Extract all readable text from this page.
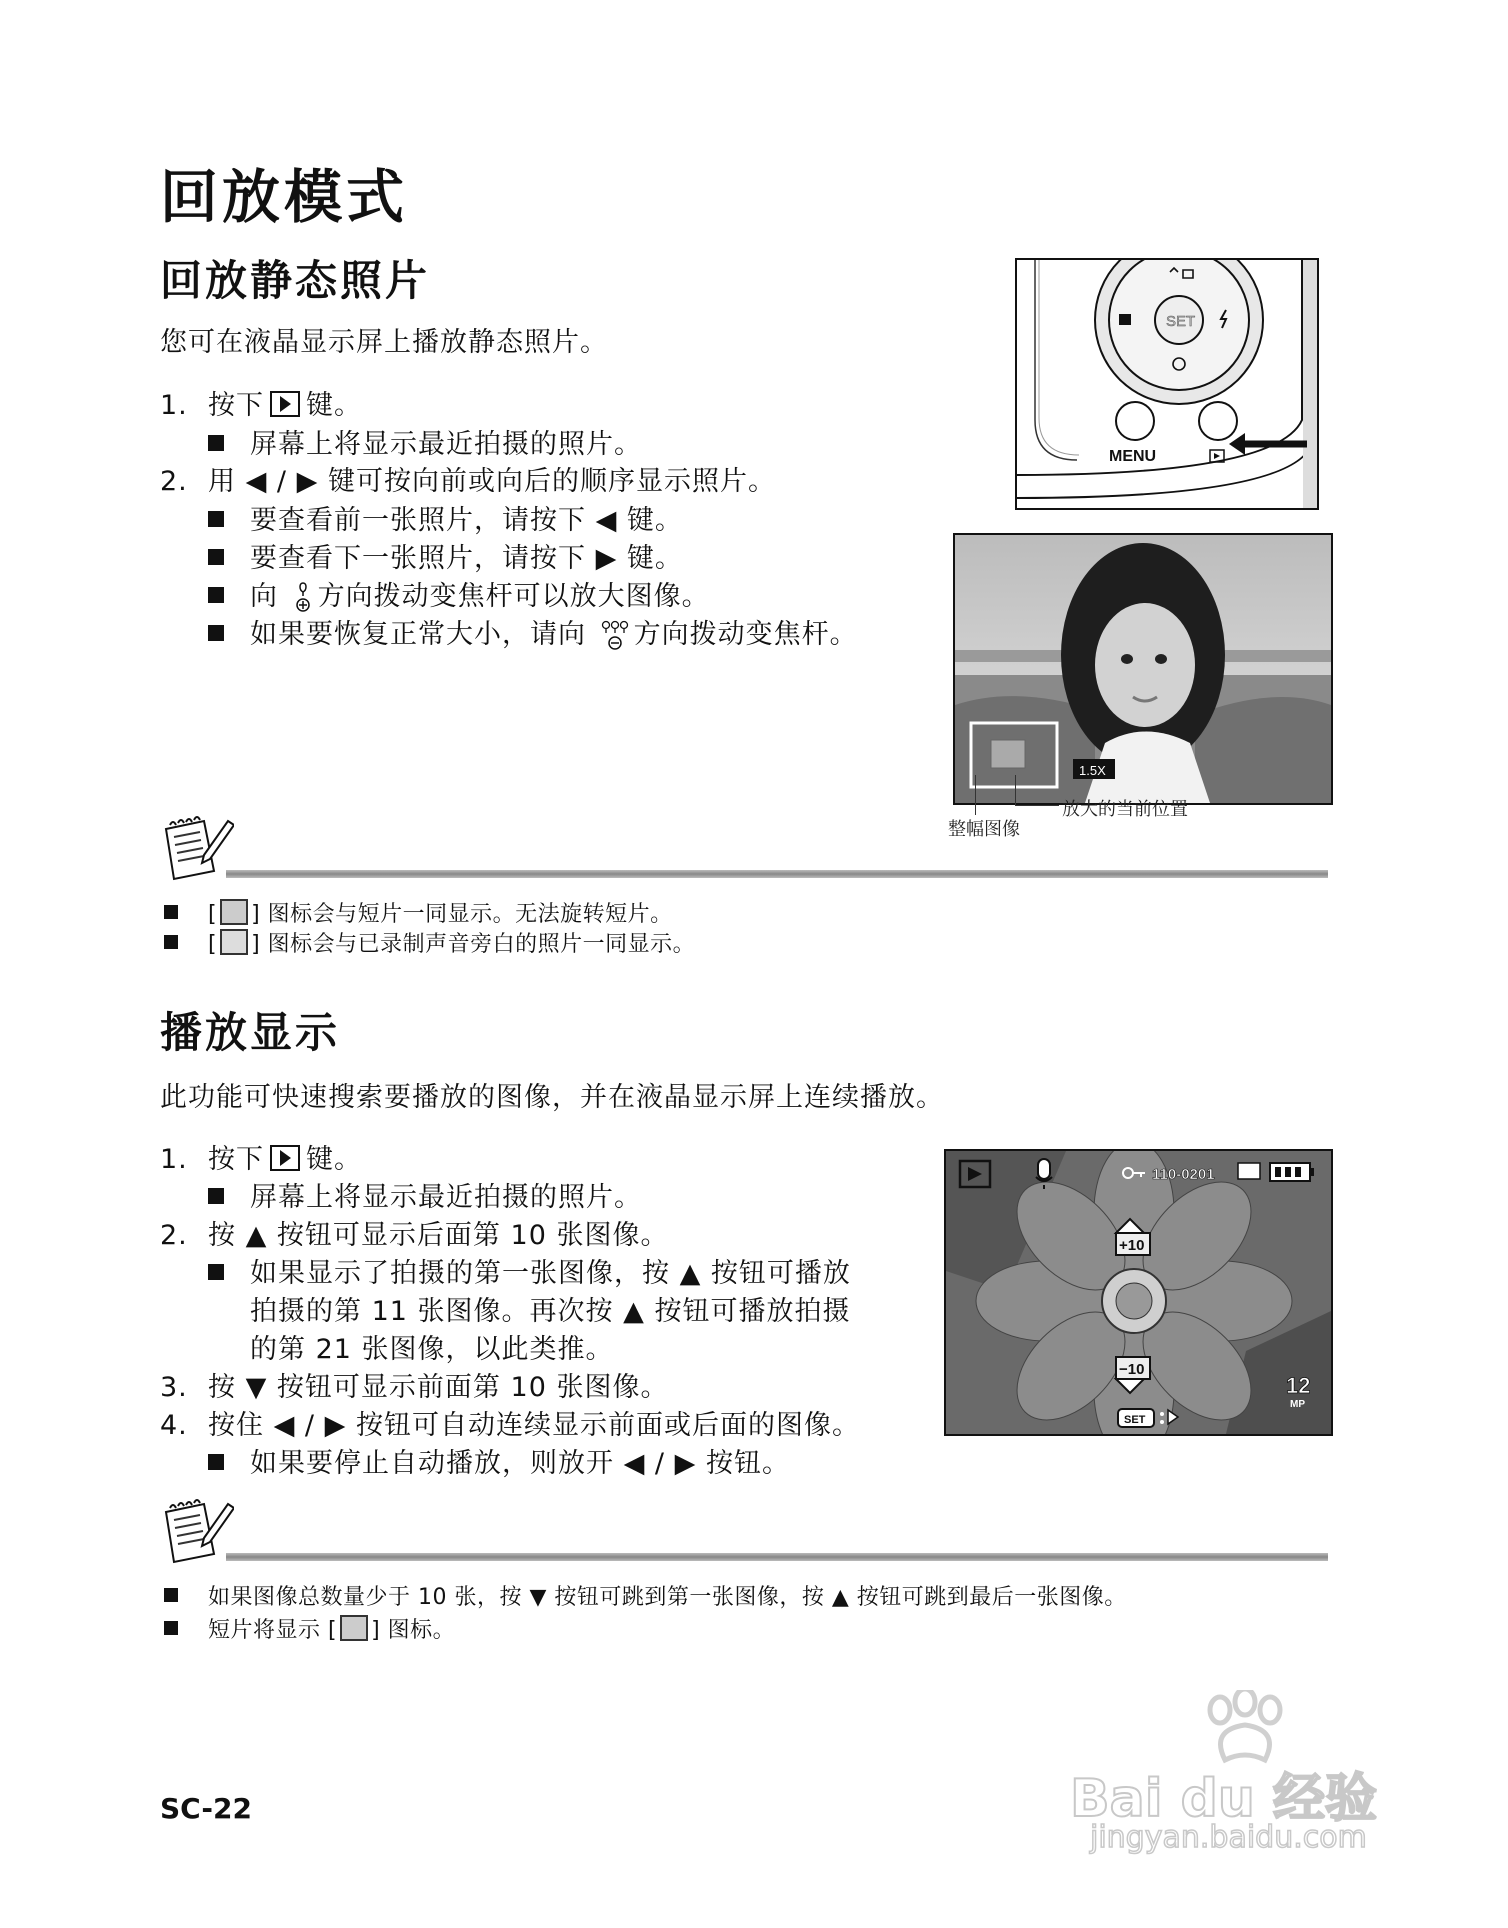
回放模式
回放静态照片

您可在液晶显示屏上播放静态照片。

1. 按下 键。
屏幕上将显示最近拍摄的照片。
2. 用 ◀ / ▶ 键可按向前或向后的顺序显示照片。
要查看前一张照片，请按下 ◀ 键。
要查看下一张照片，请按下 ▶ 键。
向 方向拨动变焦杆可以放大图像。
如果要恢复正常大小，请向 方向拨动变焦杆。
SET
MENU
1.5X
整幅图像
放大的当前位置
[ ] 图标会与短片一同显示。无法旋转短片。
[ ] 图标会与已录制声音旁白的照片一同显示。
播放显示

此功能可快速搜索要播放的图像，并在液晶显示屏上连续播放。

1. 按下 键。
屏幕上将显示最近拍摄的照片。
2. 按 ▲ 按钮可显示后面第 10 张图像。
如果显示了拍摄的第一张图像，按 ▲ 按钮可播放
拍摄的第 11 张图像。再次按 ▲ 按钮可播放拍摄
的第 21 张图像，以此类推。
3. 按 ▼ 按钮可显示前面第 10 张图像。
4. 按住 ◀ / ▶ 按钮可自动连续显示前面或后面的图像。
如果要停止自动播放，则放开 ◀ / ▶ 按钮。
110-0201
+10
−10
12
MP
SET
如果图像总数量少于 10 张，按 ▼ 按钮可跳到第一张图像，按 ▲ 按钮可跳到最后一张图像。
短片将显示 [ ] 图标。
SC-22	Bai du 经验
jingyan.baidu.com
